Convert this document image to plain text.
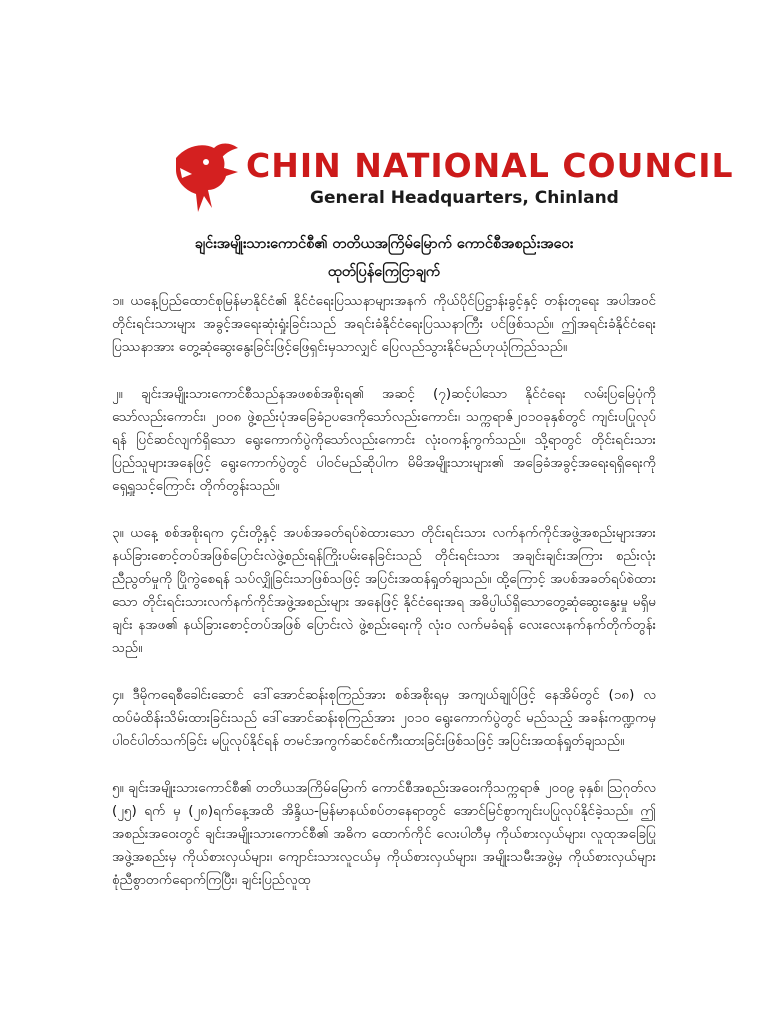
CHIN NATIONAL COUNCIL
General Headquarters, Chinland
ချင်းအမျိုးသားကောင်စီ၏ တတိယအကြိမ်မြောက် ကောင်စီအစည်းအဝေး
ထုတ်ပြန်ကြေငြာချက်

၁။ ယနေ့ပြည်ထောင်စုမြန်မာနိုင်ငံ၏ နိုင်ငံရေးပြဿနာများအနက် ကိုယ်ပိုင်ပြဋ္ဌာန်းခွင့်နှင့် တန်းတူရေး အပါအဝင် တိုင်းရင်းသားများ အခွင့်အရေးဆုံးရှုံးခြင်းသည် အရင်းခံနိုင်ငံရေးပြဿနာကြီး ပင်ဖြစ်သည်။ ဤအရင်းခံနိုင်ငံရေးပြဿနာအား တွေ့ဆုံဆွေးနွေးခြင်းဖြင့်ဖြေရှင်းမှသာလျှင် ပြေလည်သွားနိုင်မည်ဟုယုံကြည်သည်။

၂။ ချင်းအမျိုးသားကောင်စီသည်နအဖစစ်အစိုးရ၏ အဆင့် (၇)ဆင့်ပါသော နိုင်ငံရေး လမ်းပြမြေပုံကိုသော်လည်းကောင်း၊ ၂၀၀၈ ဖွဲ့စည်းပုံအခြေခံဥပဒေကိုသော်လည်းကောင်း၊ သက္ကရာဇ်၂၀၁၀ခုနှစ်တွင် ကျင်းပပြုလုပ်ရန် ပြင်ဆင်လျက်ရှိသော ရွေးကောက်ပွဲကိုသော်လည်းကောင်း လုံးဝကန့်ကွက်သည်။ သို့ရာတွင် တိုင်းရင်းသား ပြည်သူများအနေဖြင့် ရွေးကောက်ပွဲတွင် ပါဝင်မည်ဆိုပါက မိမိအမျိုးသားများ၏ အခြေခံအခွင့်အရေးရရှိရေးကိုရှေ့ရှုသင့်ကြောင်း တိုက်တွန်းသည်။

၃။ ယနေ့ စစ်အစိုးရက ၄င်းတို့နှင့် အပစ်အခတ်ရပ်စဲထားသော တိုင်းရင်းသား လက်နက်ကိုင်အဖွဲ့အစည်းများအား နယ်ခြားစောင့်တပ်အဖြစ်ပြောင်းလဲဖွဲ့စည်းရန်ကြိုးပမ်းနေခြင်းသည် တိုင်းရင်းသား အချင်းချင်းအကြား စည်းလုံးညီညွတ်မှုကို ပြိုကွဲစေရန် သပ်လျှိုခြင်းသာဖြစ်သဖြင့် အပြင်းအထန်ရှုတ်ချသည်။ ထို့ကြောင့် အပစ်အခတ်ရပ်စဲထားသော တိုင်းရင်းသားလက်နက်ကိုင်အဖွဲ့အစည်းများ အနေဖြင့် နိုင်ငံရေးအရ အဓိပ္ပါယ်ရှိသောတွေ့ဆုံဆွေးနွေးမှု မရှိမချင်း နအဖ၏ နယ်ခြားစောင့်တပ်အဖြစ် ပြောင်းလဲ ဖွဲ့စည်းရေးကို လုံးဝ လက်မခံရန် လေးလေးနက်နက်တိုက်တွန်းသည်။

၄။ ဒီမိုကရေစီခေါင်းဆောင် ဒေါ်အောင်ဆန်းစုကြည်အား စစ်အစိုးရမှ အကျယ်ချုပ်ဖြင့် နေအိမ်တွင် (၁၈) လ ထပ်မံထိန်းသိမ်းထားခြင်းသည် ဒေါ်အောင်ဆန်းစုကြည်အား ၂၀၁၀ ရွေးကောက်ပွဲတွင် မည်သည့် အခန်းကဏ္ဍကမှပါဝင်ပါတ်သက်ခြင်း မပြုလုပ်နိုင်ရန် တမင်အကွက်ဆင်စင်ကီးထားခြင်းဖြစ်သဖြင့် အပြင်းအထန်ရှုတ်ချသည်။

၅။ ချင်းအမျိုးသားကောင်စီ၏ တတိယအကြိမ်မြောက် ကောင်စီအစည်းအဝေးကိုသက္ကရာဇ် ၂၀၀၉ ခုနှစ်၊ ဩဂုတ်လ (၂၅) ရက် မှ (၂၈)ရက်နေ့အထိ အိန္ဒိယ-မြန်မာနယ်စပ်တနေရာတွင် အောင်မြင်စွာကျင်းပပြုလုပ်နိုင်ခဲ့သည်။ ဤအစည်းအဝေးတွင် ချင်းအမျိုးသားကောင်စီ၏ အဓိက ထောက်ကိုင် လေးပါတီမှ ကိုယ်စားလှယ်များ၊ လူထုအခြေပြုအဖွဲ့အစည်းမှ ကိုယ်စားလှယ်များ၊ ကျောင်းသားလူငယ်မှ ကိုယ်စားလှယ်များ၊ အမျိုးသမီးအဖွဲ့မှ ကိုယ်စားလှယ်များ စုံညီစွာတက်ရောက်ကြပြီး၊ ချင်းပြည်လူထု
